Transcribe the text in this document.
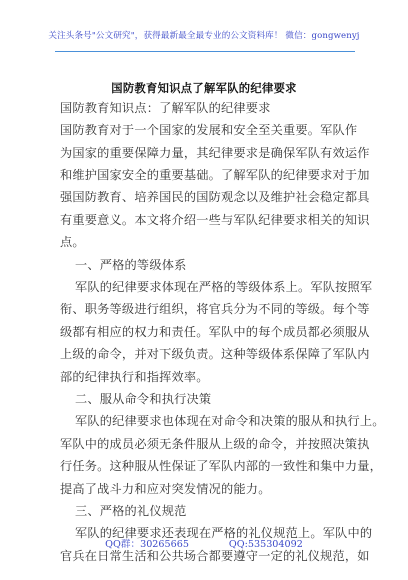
关注头条号"公文研究"，获得最新最全最专业的公文资料库！ 微信：gongwenyj
国防教育知识点了解军队的纪律要求
国防教育知识点：了解军队的纪律要求
国防教育对于一个国家的发展和安全至关重要。军队作
为国家的重要保障力量，其纪律要求是确保军队有效运作
和维护国家安全的重要基础。了解军队的纪律要求对于加
强国防教育、培养国民的国防观念以及维护社会稳定都具
有重要意义。本文将介绍一些与军队纪律要求相关的知识
点。
一、严格的等级体系
军队的纪律要求体现在严格的等级体系上。军队按照军
衔、职务等级进行组织，将官兵分为不同的等级。每个等
级都有相应的权力和责任。军队中的每个成员都必须服从
上级的命令，并对下级负责。这种等级体系保障了军队内
部的纪律执行和指挥效率。
二、服从命令和执行决策
军队的纪律要求也体现在对命令和决策的服从和执行上。
军队中的成员必须无条件服从上级的命令，并按照决策执
行任务。这种服从性保证了军队内部的一致性和集中力量，
提高了战斗力和应对突发情况的能力。
三、严格的礼仪规范
军队的纪律要求还表现在严格的礼仪规范上。军队中的
官兵在日常生活和公共场合都要遵守一定的礼仪规范，如
QQ群：30265665	QQ:535304092
